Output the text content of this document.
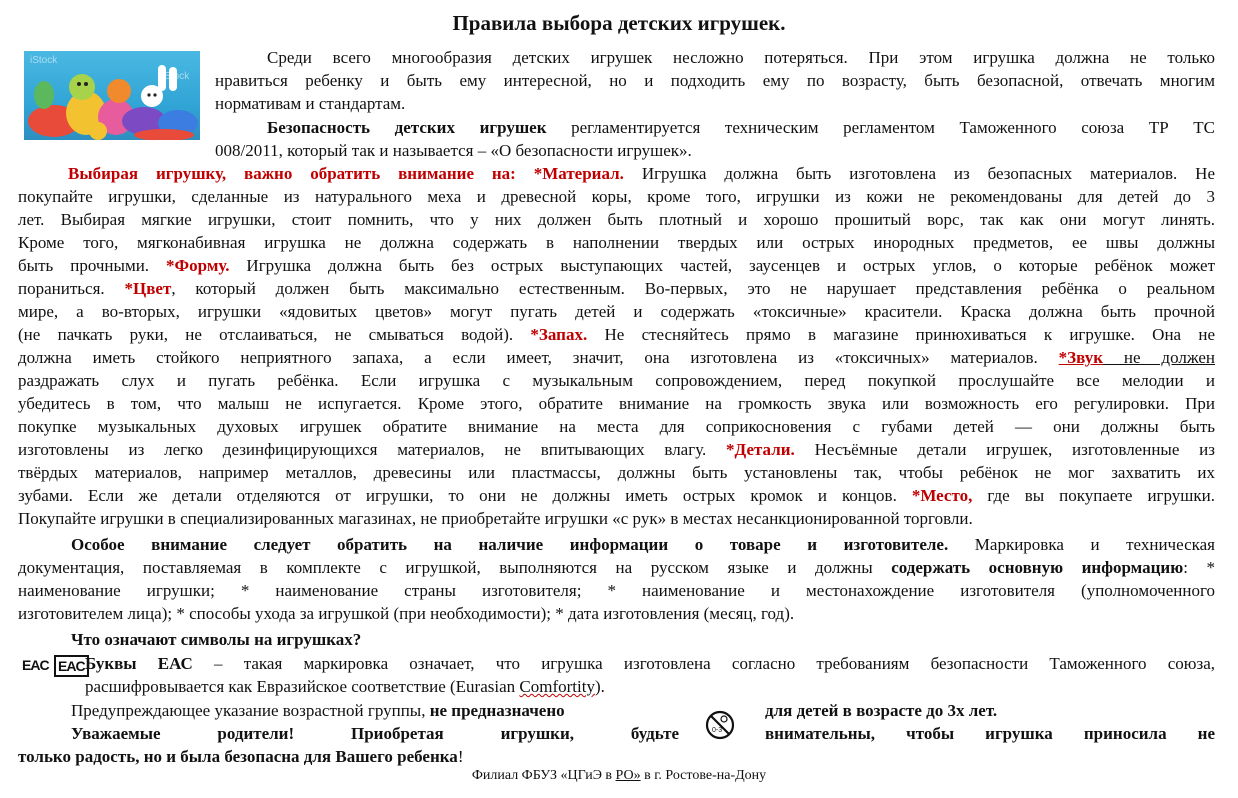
Правила выбора детских игрушек.
iStock
iStock
Среди всего многообразия детских игрушек несложно потеряться. При этом игрушка должна не только
нравиться ребенку и быть ему интересной, но и подходить ему по возрасту, быть безопасной, отвечать многим
нормативам и стандартам.
Безопасность детских игрушек регламентируется техническим регламентом Таможенного союза ТР ТС
008/2011, который так и называется – «О безопасности игрушек».
Выбирая игрушку, важно обратить внимание на: *Материал. Игрушка должна быть изготовлена из безопасных материалов. Не
покупайте игрушки, сделанные из натурального меха и древесной коры, кроме того, игрушки из кожи не рекомендованы для детей до 3
лет. Выбирая мягкие игрушки, стоит помнить, что у них должен быть плотный и хорошо прошитый ворс, так как они могут линять.
Кроме того, мягконабивная игрушка не должна содержать в наполнении твердых или острых инородных предметов, ее швы должны
быть прочными. *Форму. Игрушка должна быть без острых выступающих частей, заусенцев и острых углов, о которые ребёнок может
пораниться. *Цвет, который должен быть максимально естественным. Во-первых, это не нарушает представления ребёнка о реальном
мире, а во-вторых, игрушки «ядовитых цветов» могут пугать детей и содержать «токсичные» красители. Краска должна быть прочной
(не пачкать руки, не отслаиваться, не смываться водой). *Запах. Не стесняйтесь прямо в магазине принюхиваться к игрушке. Она не
должна иметь стойкого неприятного запаха, а если имеет, значит, она изготовлена из «токсичных» материалов. *Звук не должен
раздражать слух и пугать ребёнка. Если игрушка с музыкальным сопровождением, перед покупкой прослушайте все мелодии и
убедитесь в том, что малыш не испугается. Кроме этого, обратите внимание на громкость звука или возможность его регулировки. При
покупке музыкальных духовых игрушек обратите внимание на места для соприкосновения с губами детей — они должны быть
изготовлены из легко дезинфицирующихся материалов, не впитывающих влагу. *Детали. Несъёмные детали игрушек, изготовленные из
твёрдых материалов, например металлов, древесины или пластмассы, должны быть установлены так, чтобы ребёнок не мог захватить их
зубами. Если же детали отделяются от игрушки, то они не должны иметь острых кромок и концов. *Место, где вы покупаете игрушки.
Покупайте игрушки в специализированных магазинах, не приобретайте игрушки «с рук» в местах несанкционированной торговли.
Особое внимание следует обратить на наличие информации о товаре и изготовителе. Маркировка и техническая
документация, поставляемая в комплекте с игрушкой, выполняются на русском языке и должны содержать основную информацию: *
наименование игрушки; * наименование страны изготовителя; * наименование и местонахождение изготовителя (уполномоченного
изготовителем лица); * способы ухода за игрушкой (при необходимости); * дата изготовления (месяц, год).
Что означают символы на игрушках?
EAC EAC Буквы ЕАС – такая маркировка означает, что игрушка изготовлена согласно требованиям безопасности Таможенного союза,
расшифровывается как Евразийское соответствие (Eurasian Comfortity).
Предупреждающее указание возрастной группы, не предназначено
0-3
для детей в возрасте до 3х лет.
Уважаемые родители! Приобретая игрушки, будьте	внимательны, чтобы игрушка приносила не
только радость, но и была безопасна для Вашего ребенка!
Филиал ФБУЗ «ЦГиЭ в РО» в г. Ростове-на-Дону
